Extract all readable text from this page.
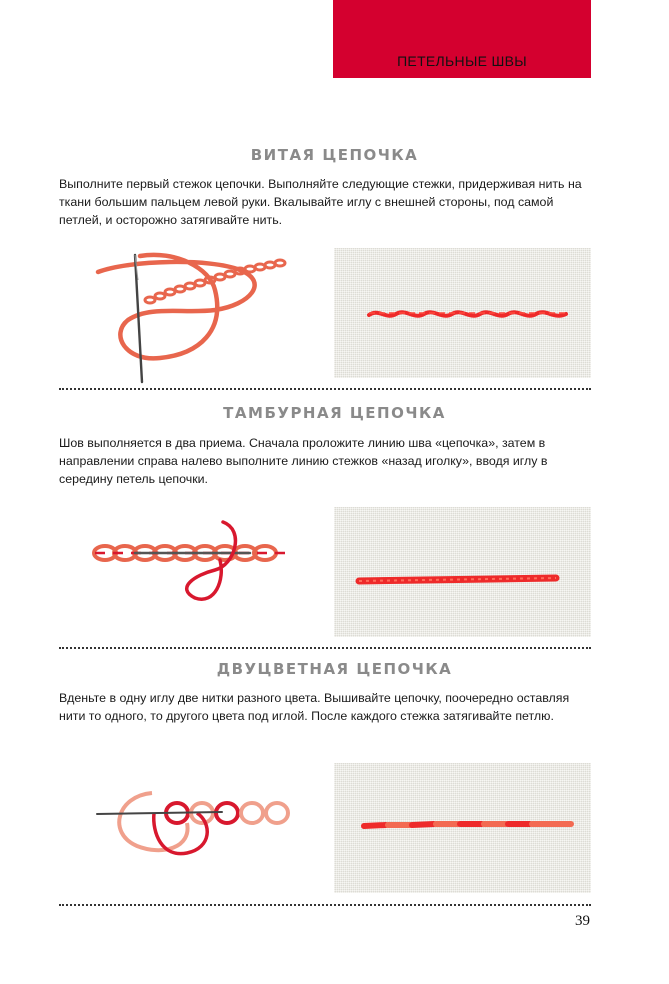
ПЕТЕЛЬНЫЕ ШВЫ
ВИТАЯ ЦЕПОЧКА
Выполните первый стежок цепочки. Выполняйте следующие стежки, придерживая нить на ткани большим пальцем левой руки. Вкалывайте иглу с внешней стороны, под самой петлей, и осторожно затягивайте нить.
ТАМБУРНАЯ ЦЕПОЧКА
Шов выполняется в два приема. Сначала проложите линию шва «цепочка», затем в направлении справа налево выполните линию стежков «назад иголку», вводя иглу в середину петель цепочки.
ДВУЦВЕТНАЯ ЦЕПОЧКА
Вденьте в одну иглу две нитки разного цвета. Вышивайте цепочку, поочередно оставляя нити то одного, то другого цвета под иглой. После каждого стежка затягивайте петлю.
39
